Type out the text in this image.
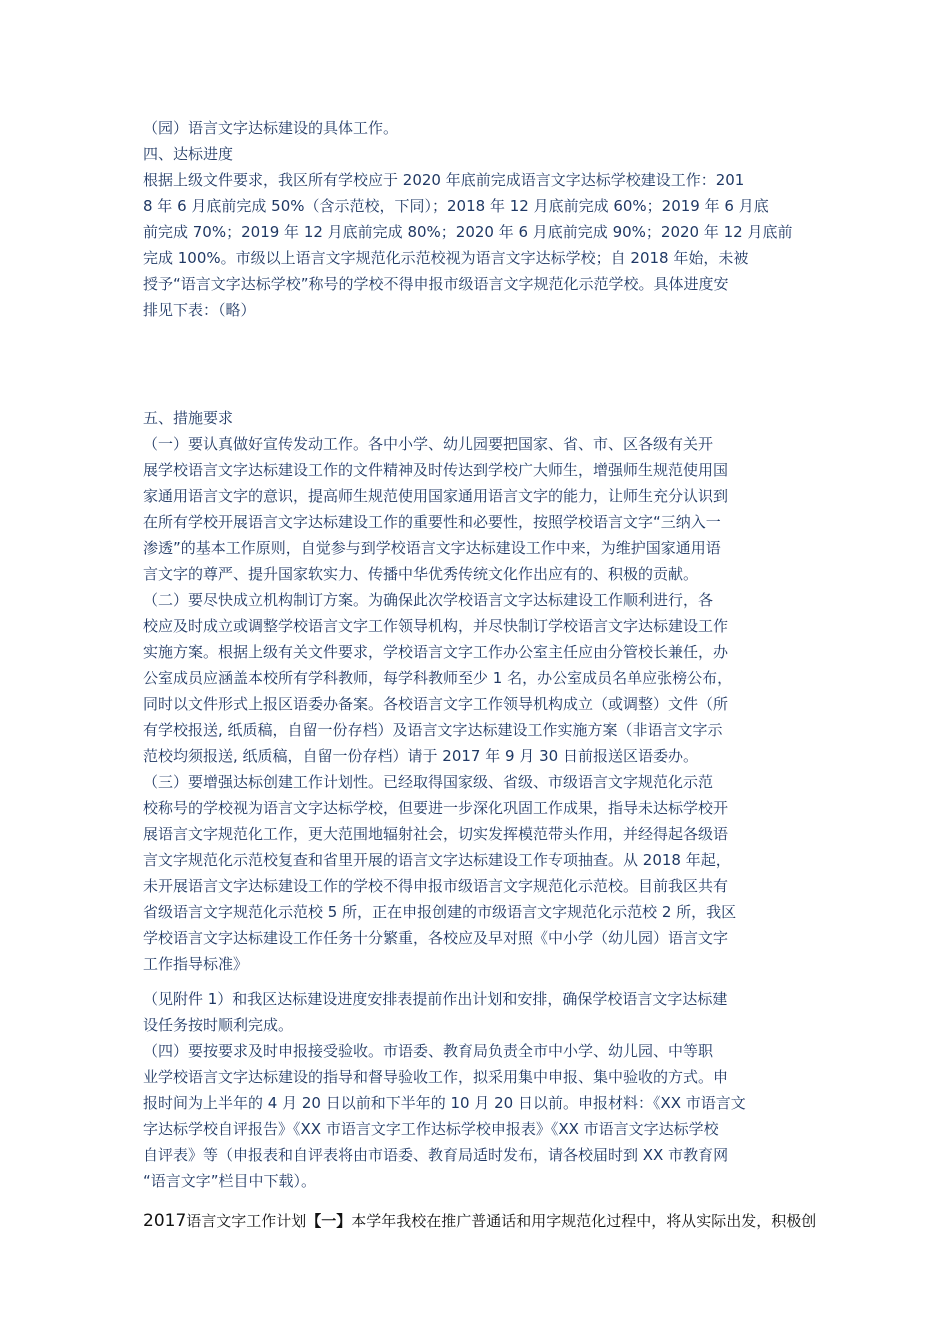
（园）语言文字达标建设的具体工作。
四、达标进度
根据上级文件要求，我区所有学校应于 2020 年底前完成语言文字达标学校建设工作：201
8 年 6 月底前完成 50%（含示范校，下同）；2018 年 12 月底前完成 60%；2019 年 6 月底
前完成 70%；2019 年 12 月底前完成 80%；2020 年 6 月底前完成 90%；2020 年 12 月底前
完成 100%。市级以上语言文字规范化示范校视为语言文字达标学校；自 2018 年始，未被
授予“语言文字达标学校”称号的学校不得申报市级语言文字规范化示范学校。具体进度安
排见下表：（略）
五、措施要求
（一）要认真做好宣传发动工作。各中小学、幼儿园要把国家、省、市、区各级有关开
展学校语言文字达标建设工作的文件精神及时传达到学校广大师生，增强师生规范使用国
家通用语言文字的意识，提高师生规范使用国家通用语言文字的能力，让师生充分认识到
在所有学校开展语言文字达标建设工作的重要性和必要性，按照学校语言文字“三纳入一
渗透”的基本工作原则，自觉参与到学校语言文字达标建设工作中来，为维护国家通用语
言文字的尊严、提升国家软实力、传播中华优秀传统文化作出应有的、积极的贡献。
（二）要尽快成立机构制订方案。为确保此次学校语言文字达标建设工作顺利进行，各
校应及时成立或调整学校语言文字工作领导机构，并尽快制订学校语言文字达标建设工作
实施方案。根据上级有关文件要求，学校语言文字工作办公室主任应由分管校长兼任，办
公室成员应涵盖本校所有学科教师，每学科教师至少 1 名，办公室成员名单应张榜公布，
同时以文件形式上报区语委办备案。各校语言文字工作领导机构成立（或调整）文件（所
有学校报送, 纸质稿，自留一份存档）及语言文字达标建设工作实施方案（非语言文字示
范校均须报送, 纸质稿，自留一份存档）请于 2017 年 9 月 30 日前报送区语委办。
（三）要增强达标创建工作计划性。已经取得国家级、省级、市级语言文字规范化示范
校称号的学校视为语言文字达标学校，但要进一步深化巩固工作成果，指导未达标学校开
展语言文字规范化工作，更大范围地辐射社会，切实发挥模范带头作用，并经得起各级语
言文字规范化示范校复查和省里开展的语言文字达标建设工作专项抽查。从 2018 年起，
未开展语言文字达标建设工作的学校不得申报市级语言文字规范化示范校。目前我区共有
省级语言文字规范化示范校 5 所，正在申报创建的市级语言文字规范化示范校 2 所，我区
学校语言文字达标建设工作任务十分繁重，各校应及早对照《中小学（幼儿园）语言文字
工作指导标准》
（见附件 1）和我区达标建设进度安排表提前作出计划和安排，确保学校语言文字达标建
设任务按时顺利完成。
（四）要按要求及时申报接受验收。市语委、教育局负责全市中小学、幼儿园、中等职
业学校语言文字达标建设的指导和督导验收工作，拟采用集中申报、集中验收的方式。申
报时间为上半年的 4 月 20 日以前和下半年的 10 月 20 日以前。申报材料：《XX 市语言文
字达标学校自评报告》《XX 市语言文字工作达标学校申报表》《XX 市语言文字达标学校
自评表》等（申报表和自评表将由市语委、教育局适时发布，请各校届时到 XX 市教育网
“语言文字”栏目中下载）。
2017语言文字工作计划【一】本学年我校在推广普通话和用字规范化过程中，将从实际出发，积极创
